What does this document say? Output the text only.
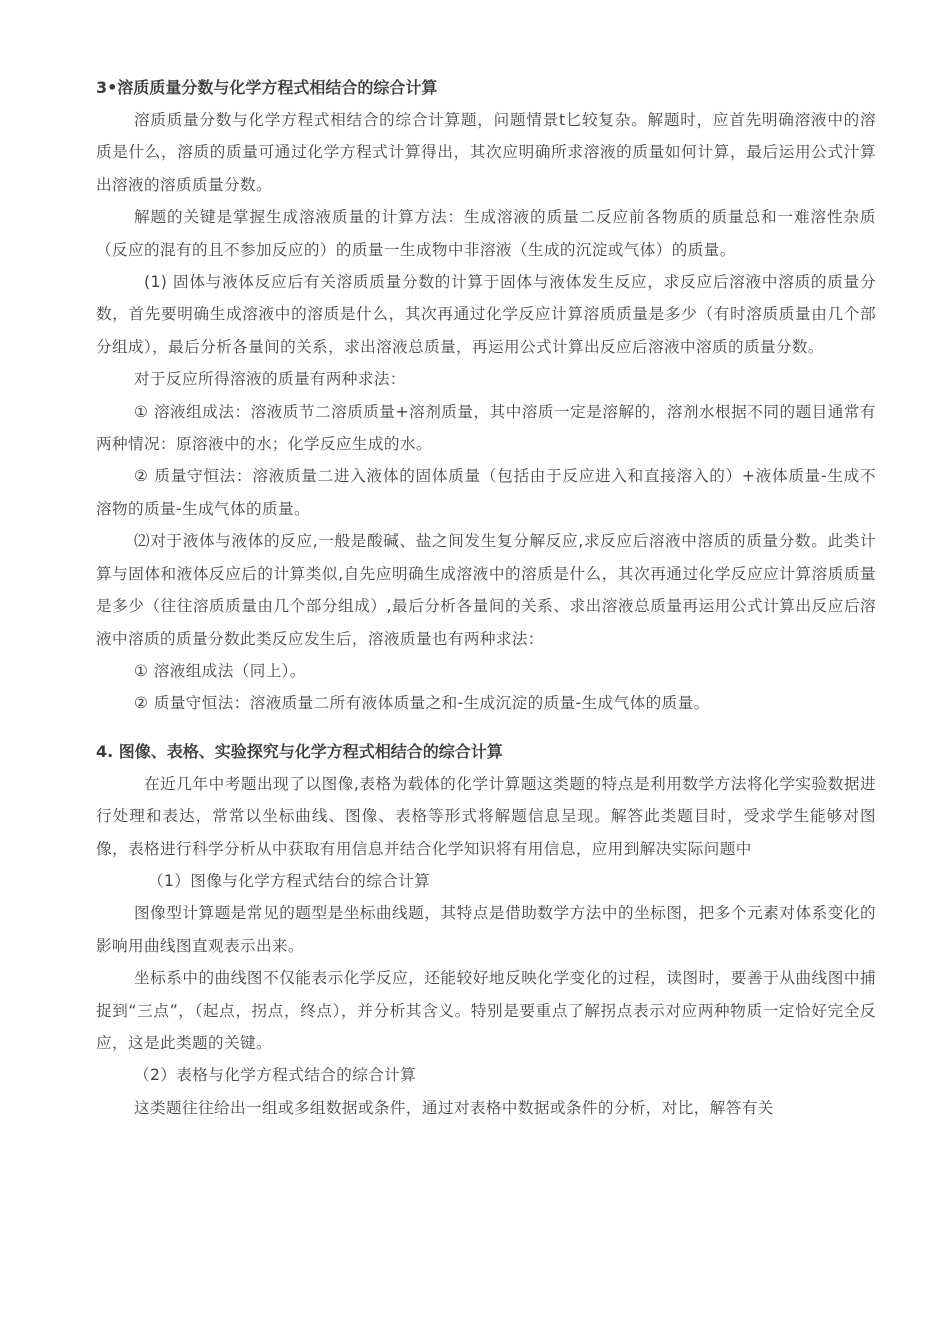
3•溶质质量分数与化学方程式相结合的综合计算

溶质质量分数与化学方程式相结合的综合计算题，问题情景t匕较复杂。解题时，应首先明确溶液中的溶质是什么，溶质的质量可通过化学方程式计算得出，其次应明确所求溶液的质量如何计算，最后运用公式汁算出溶液的溶质质量分数。

解题的关键是掌握生成溶液质量的计算方法：生成溶液的质量二反应前各物质的质量总和一难溶性杂质（反应的混有的且不参加反应的）的质量一生成物中非溶液（生成的沉淀或气体）的质量。

(1) 固体与液体反应后有关溶质质量分数的计算于固体与液体发生反应，求反应后溶液中溶质的质量分数，首先要明确生成溶液中的溶质是什么，其次再通过化学反应计算溶质质量是多少（有时溶质质量由几个部分组成），最后分析各量间的关系，求出溶液总质量，再运用公式计算出反应后溶液中溶质的质量分数。

对于反应所得溶液的质量有两种求法：

① 溶液组成法：溶液质节二溶质质量+溶剂质量，其中溶质一定是溶解的，溶剂水根据不同的题目通常有两种情况：原溶液中的水；化学反应生成的水。

② 质量守恒法：溶液质量二进入液体的固体质量（包括由于反应进入和直接溶入的）+液体质量-生成不溶物的质量-生成气体的质量。

⑵对于液体与液体的反应,一般是酸碱、盐之间发生复分解反应,求反应后溶液中溶质的质量分数。此类计算与固体和液体反应后的计算类似,自先应明确生成溶液中的溶质是什么，其次再通过化学反应应计算溶质质量是多少（往往溶质质量由几个部分组成）,最后分析各量间的关系、求出溶液总质量再运用公式计算出反应后溶液中溶质的质量分数此类反应发生后，溶液质量也有两种求法：

① 溶液组成法（同上）。

② 质量守恒法：溶液质量二所有液体质量之和-生成沉淀的质量-生成气体的质量。

4. 图像、表格、实验探究与化学方程式相结合的综合计算

在近几年中考题出现了以图像,表格为载体的化学计算题这类题的特点是利用数学方法将化学实验数据进行处理和表达，常常以坐标曲线、图像、表格等形式将解题信息呈现。解答此类题目时，受求学生能够对图像，表格进行科学分析从中获取有用信息并结合化学知识将有用信息，应用到解决实际问题中

（1）图像与化学方程式结台的综合计算

图像型计算题是常见的题型是坐标曲线题，其特点是借助数学方法中的坐标图，把多个元素对体系变化的影响用曲线图直观表示出来。

坐标系中的曲线图不仅能表示化学反应，还能较好地反映化学变化的过程，读图时，要善于从曲线图中捕捉到“三点”，（起点，拐点，终点），并分析其含义。特别是要重点了解拐点表示对应两种物质一定恰好完全反应，这是此类题的关键。

（2）表格与化学方程式结合的综合计算

这类题往往给出一组或多组数据或条件，通过对表格中数据或条件的分析，对比，解答有关
